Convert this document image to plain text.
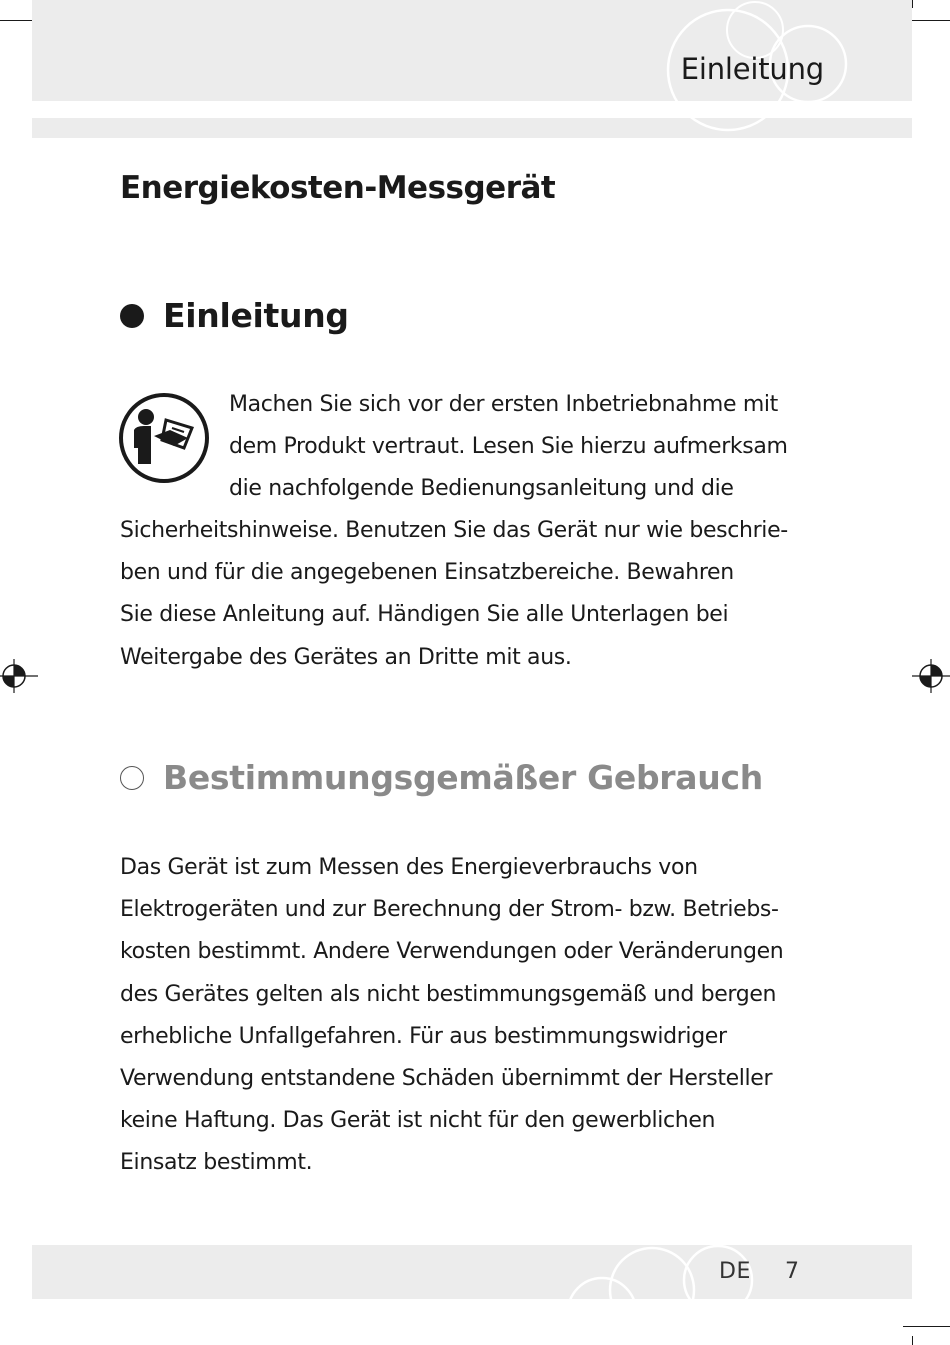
Einleitung
Energiekosten-Messgerät
Einleitung
Machen Sie sich vor der ersten Inbetriebnahme mit
dem Produkt vertraut. Lesen Sie hierzu aufmerksam
die nachfolgende Bedienungsanleitung und die
Sicherheitshinweise. Benutzen Sie das Gerät nur wie beschrie-
ben und für die angegebenen Einsatzbereiche. Bewahren
Sie diese Anleitung auf. Händigen Sie alle Unterlagen bei
Weitergabe des Gerätes an Dritte mit aus.
Bestimmungsgemäßer Gebrauch
Das Gerät ist zum Messen des Energieverbrauchs von
Elektrogeräten und zur Berechnung der Strom- bzw. Betriebs-
kosten bestimmt. Andere Verwendungen oder Veränderungen
des Gerätes gelten als nicht bestimmungsgemäß und bergen
erhebliche Unfallgefahren. Für aus bestimmungswidriger
Verwendung entstandene Schäden übernimmt der Hersteller
keine Haftung. Das Gerät ist nicht für den gewerblichen
Einsatz bestimmt.
DE 7
